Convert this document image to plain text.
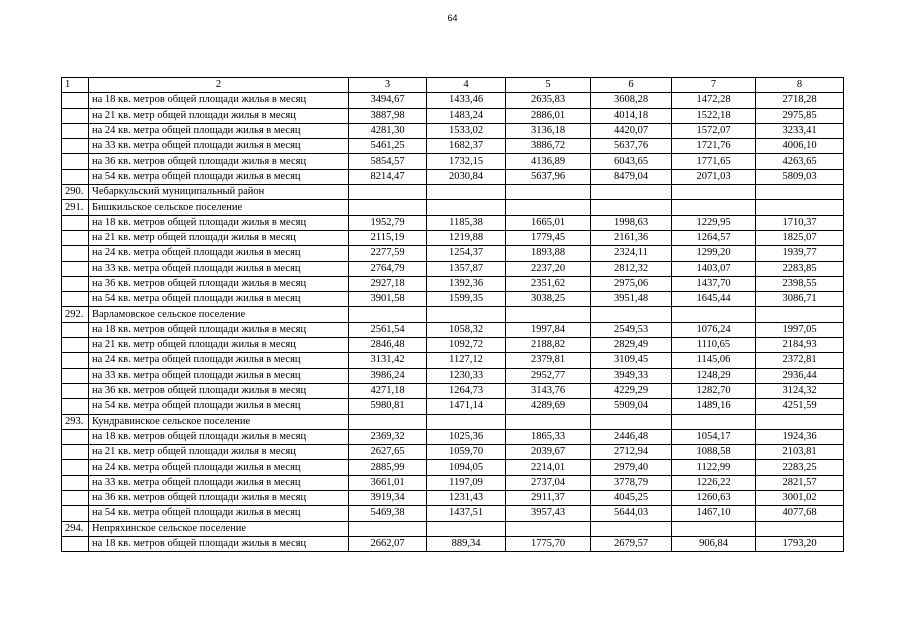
64
1	2	3	4	5	6	7	8
	на 18 кв. метров общей площади жилья в месяц	3494,67	1433,46	2635,83	3608,28	1472,28	2718,28
	на 21 кв. метр общей площади жилья в месяц	3887,98	1483,24	2886,01	4014,18	1522,18	2975,85
	на 24 кв. метра общей площади жилья в месяц	4281,30	1533,02	3136,18	4420,07	1572,07	3233,41
	на 33 кв. метра общей площади жилья в месяц	5461,25	1682,37	3886,72	5637,76	1721,76	4006,10
	на 36 кв. метров общей площади жилья в месяц	5854,57	1732,15	4136,89	6043,65	1771,65	4263,65
	на 54 кв. метра общей площади жилья в месяц	8214,47	2030,84	5637,96	8479,04	2071,03	5809,03
290.	Чебаркульский муниципальный район						
291.	Бишкильское сельское поселение						
	на 18 кв. метров общей площади жилья в месяц	1952,79	1185,38	1665,01	1998,63	1229,95	1710,37
	на 21 кв. метр общей площади жилья в месяц	2115,19	1219,88	1779,45	2161,36	1264,57	1825,07
	на 24 кв. метра общей площади жилья в месяц	2277,59	1254,37	1893,88	2324,11	1299,20	1939,77
	на 33 кв. метра общей площади жилья в месяц	2764,79	1357,87	2237,20	2812,32	1403,07	2283,85
	на 36 кв. метров общей площади жилья в месяц	2927,18	1392,36	2351,62	2975,06	1437,70	2398,55
	на 54 кв. метра общей площади жилья в месяц	3901,58	1599,35	3038,25	3951,48	1645,44	3086,71
292.	Варламовское сельское поселение						
	на 18 кв. метров общей площади жилья в месяц	2561,54	1058,32	1997,84	2549,53	1076,24	1997,05
	на 21 кв. метр общей площади жилья в месяц	2846,48	1092,72	2188,82	2829,49	1110,65	2184,93
	на 24 кв. метра общей площади жилья в месяц	3131,42	1127,12	2379,81	3109,45	1145,06	2372,81
	на 33 кв. метра общей площади жилья в месяц	3986,24	1230,33	2952,77	3949,33	1248,29	2936,44
	на 36 кв. метров общей площади жилья в месяц	4271,18	1264,73	3143,76	4229,29	1282,70	3124,32
	на 54 кв. метра общей площади жилья в месяц	5980,81	1471,14	4289,69	5909,04	1489,16	4251,59
293.	Кундравинское сельское поселение						
	на 18 кв. метров общей площади жилья в месяц	2369,32	1025,36	1865,33	2446,48	1054,17	1924,36
	на 21 кв. метр общей площади жилья в месяц	2627,65	1059,70	2039,67	2712,94	1088,58	2103,81
	на 24 кв. метра общей площади жилья в месяц	2885,99	1094,05	2214,01	2979,40	1122,99	2283,25
	на 33 кв. метра общей площади жилья в месяц	3661,01	1197,09	2737,04	3778,79	1226,22	2821,57
	на 36 кв. метров общей площади жилья в месяц	3919,34	1231,43	2911,37	4045,25	1260,63	3001,02
	на 54 кв. метра общей площади жилья в месяц	5469,38	1437,51	3957,43	5644,03	1467,10	4077,68
294.	Непряхинское сельское поселение						
	на 18 кв. метров общей площади жилья в месяц	2662,07	889,34	1775,70	2679,57	906,84	1793,20
